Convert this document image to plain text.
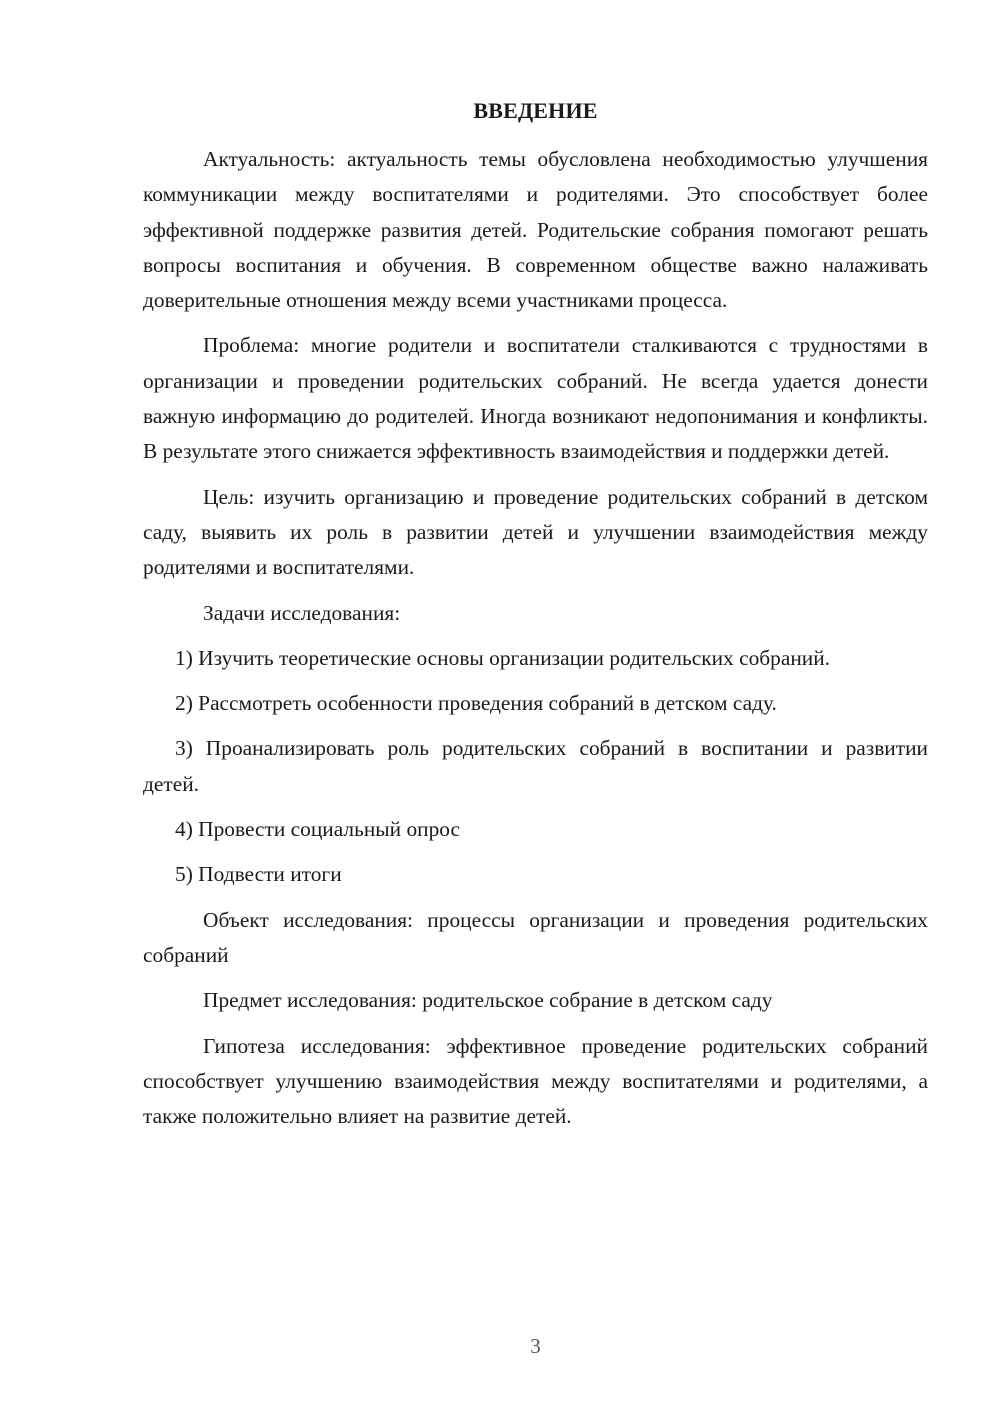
ВВЕДЕНИЕ

Актуальность: актуальность темы обусловлена необходимостью улучшения коммуникации между воспитателями и родителями. Это способствует более эффективной поддержке развития детей. Родительские собрания помогают решать вопросы воспитания и обучения. В современном обществе важно налаживать доверительные отношения между всеми участниками процесса.

Проблема: многие родители и воспитатели сталкиваются с трудностями в организации и проведении родительских собраний. Не всегда удается донести важную информацию до родителей. Иногда возникают недопонимания и конфликты. В результате этого снижается эффективность взаимодействия и поддержки детей.

Цель: изучить организацию и проведение родительских собраний в детском саду, выявить их роль в развитии детей и улучшении взаимодействия между родителями и воспитателями.

Задачи исследования:

1) Изучить теоретические основы организации родительских собраний.

2) Рассмотреть особенности проведения собраний в детском саду.

3) Проанализировать роль родительских собраний в воспитании и развитии детей.

4) Провести социальный опрос

5) Подвести итоги

Объект исследования: процессы организации и проведения родительских собраний

Предмет исследования: родительское собрание в детском саду

Гипотеза исследования: эффективное проведение родительских собраний способствует улучшению взаимодействия между воспитателями и родителями, а также положительно влияет на развитие детей.

3
